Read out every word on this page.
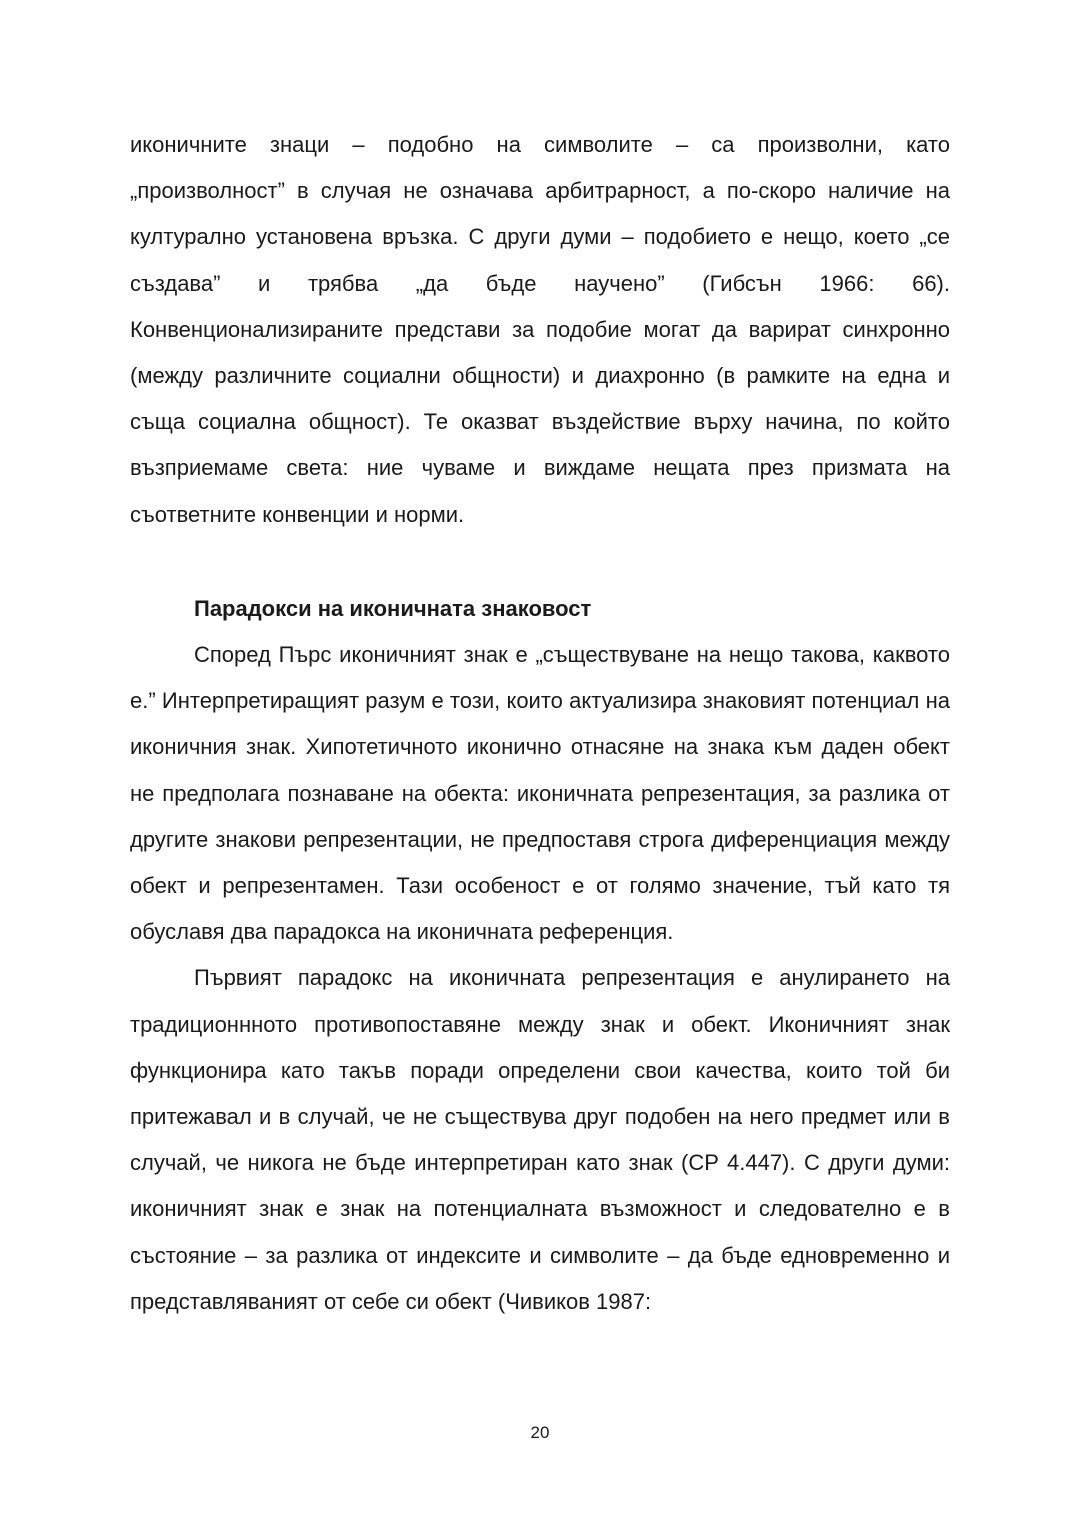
иконичните знаци – подобно на символите – са произволни, като „произволност” в случая не означава арбитрарност, а по-скоро наличие на културално установена връзка. С други думи – подобието е нещо, което „се създава” и трябва „да бъде научено” (Гибсън 1966: 66). Конвенционализираните представи за подобие могат да варират синхронно (между различните социални общности) и диахронно (в рамките на една и съща социална общност). Те оказват въздействие върху начина, по който възприемаме света: ние чуваме и виждаме нещата през призмата на съответните конвенции и норми.

Парадокси на иконичната знаковост

Според Пърс иконичният знак е „съществуване на нещо такова, каквото е.” Интерпретиращият разум е този, които актуализира знаковият потенциал на иконичния знак. Хипотетичното иконично отнасяне на знака към даден обект не предполага познаване на обекта: иконичната репрезентация, за разлика от другите знакови репрезентации, не предпоставя строга диференциация между обект и репрезентамен. Тази особеност е от голямо значение, тъй като тя обуславя два парадокса на иконичната референция.

Първият парадокс на иконичната репрезентация е анулирането на традиционнното противопоставяне между знак и обект. Иконичният знак функционира като такъв поради определени свои качества, които той би притежавал и в случай, че не съществува друг подобен на него предмет или в случай, че никога не бъде интерпретиран като знак (CP 4.447). С други думи: иконичният знак е знак на потенциалната възможност и следователно е в състояние – за разлика от индексите и символите – да бъде едновременно и представляваният от себе си обект (Чивиков 1987:

20
